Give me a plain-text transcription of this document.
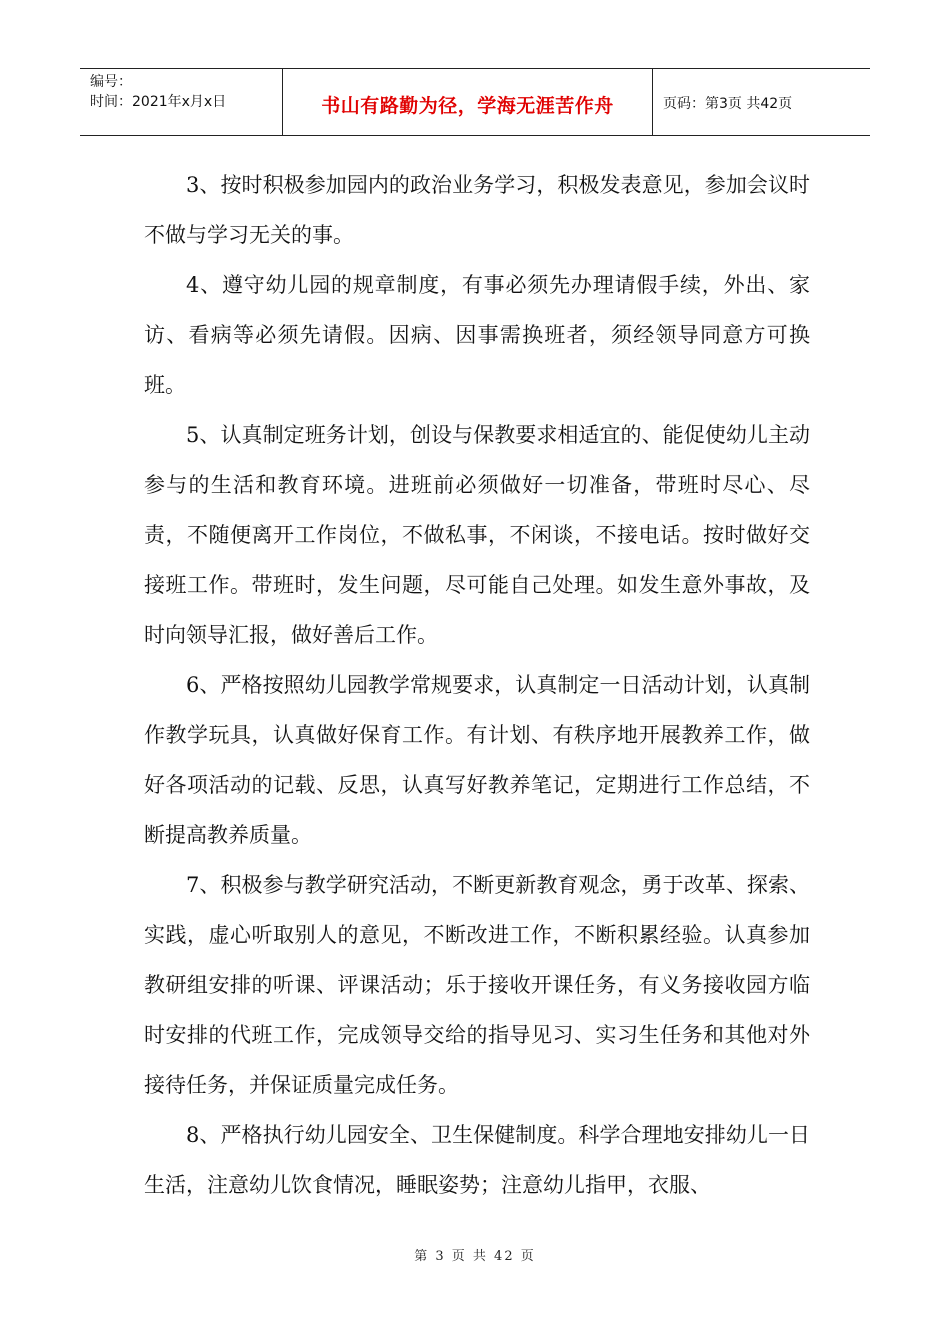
编号：
时间：2021年x月x日	书山有路勤为径，学海无涯苦作舟	页码：第3页 共42页

3、按时积极参加园内的政治业务学习，积极发表意见，参加会议时不做与学习无关的事。

4、遵守幼儿园的规章制度，有事必须先办理请假手续，外出、家访、看病等必须先请假。因病、因事需换班者，须经领导同意方可换班。

5、认真制定班务计划，创设与保教要求相适宜的、能促使幼儿主动参与的生活和教育环境。进班前必须做好一切准备，带班时尽心、尽责，不随便离开工作岗位，不做私事，不闲谈，不接电话。按时做好交接班工作。带班时，发生问题，尽可能自己处理。如发生意外事故，及时向领导汇报，做好善后工作。

6、严格按照幼儿园教学常规要求，认真制定一日活动计划，认真制作教学玩具，认真做好保育工作。有计划、有秩序地开展教养工作，做好各项活动的记载、反思，认真写好教养笔记，定期进行工作总结，不断提高教养质量。

7、积极参与教学研究活动，不断更新教育观念，勇于改革、探索、实践，虚心听取别人的意见，不断改进工作，不断积累经验。认真参加教研组安排的听课、评课活动；乐于接收开课任务，有义务接收园方临时安排的代班工作，完成领导交给的指导见习、实习生任务和其他对外接待任务，并保证质量完成任务。

8、严格执行幼儿园安全、卫生保健制度。科学合理地安排幼儿一日生活，注意幼儿饮食情况，睡眠姿势；注意幼儿指甲，衣服、

第 3 页 共 42 页
